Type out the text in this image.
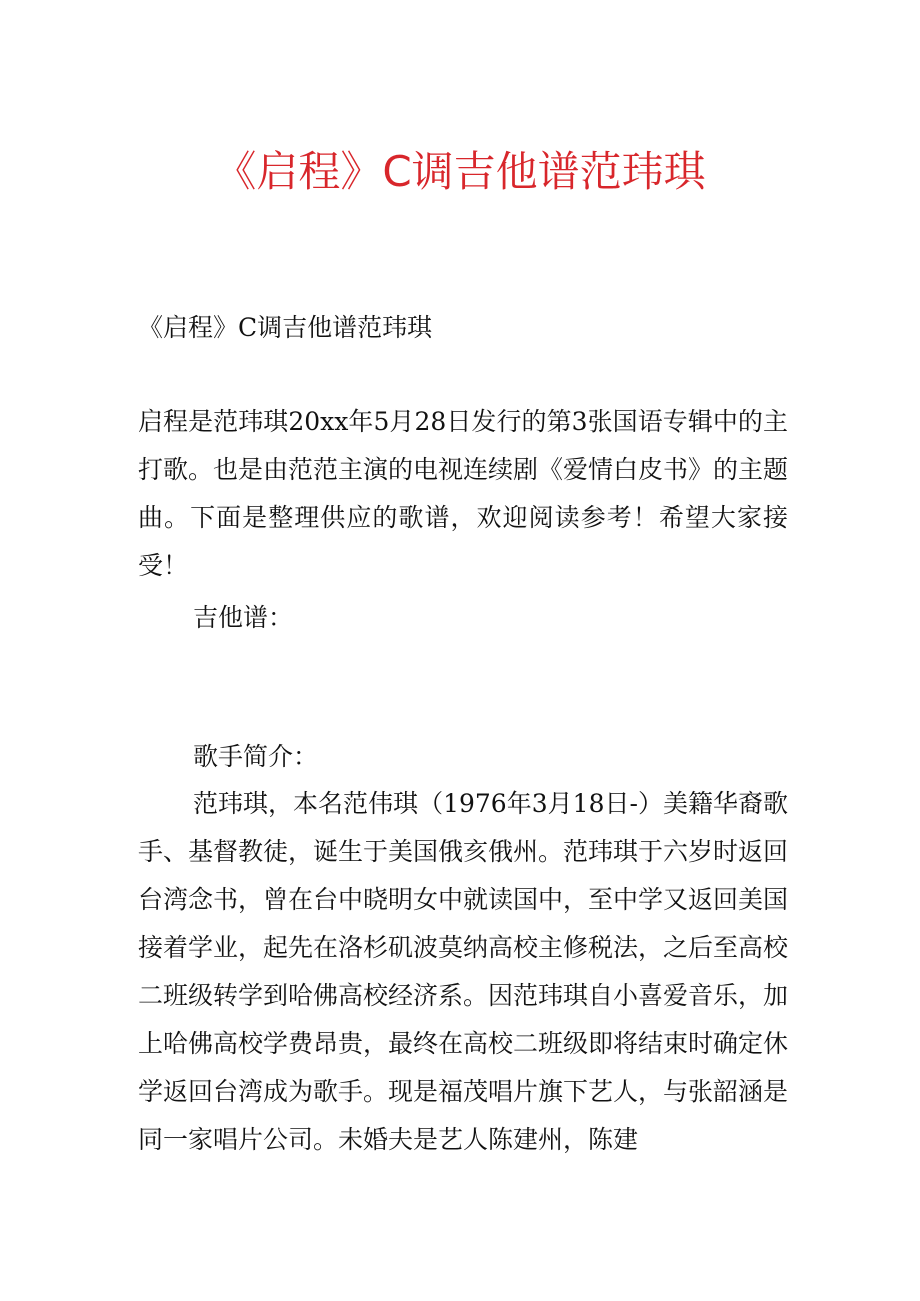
《启程》C调吉他谱范玮琪

《启程》C调吉他谱范玮琪

启程是范玮琪20xx年5月28日发行的第3张国语专辑中的主打歌。也是由范范主演的电视连续剧《爱情白皮书》的主题曲。下面是整理供应的歌谱，欢迎阅读参考！希望大家接受！

吉他谱：

歌手简介：

范玮琪，本名范伟琪（1976年3月18日-）美籍华裔歌手、基督教徒，诞生于美国俄亥俄州。范玮琪于六岁时返回台湾念书，曾在台中晓明女中就读国中，至中学又返回美国接着学业，起先在洛杉矶波莫纳高校主修税法，之后至高校二班级转学到哈佛高校经济系。因范玮琪自小喜爱音乐，加上哈佛高校学费昂贵，最终在高校二班级即将结束时确定休学返回台湾成为歌手。现是福茂唱片旗下艺人，与张韶涵是同一家唱片公司。未婚夫是艺人陈建州，陈建
